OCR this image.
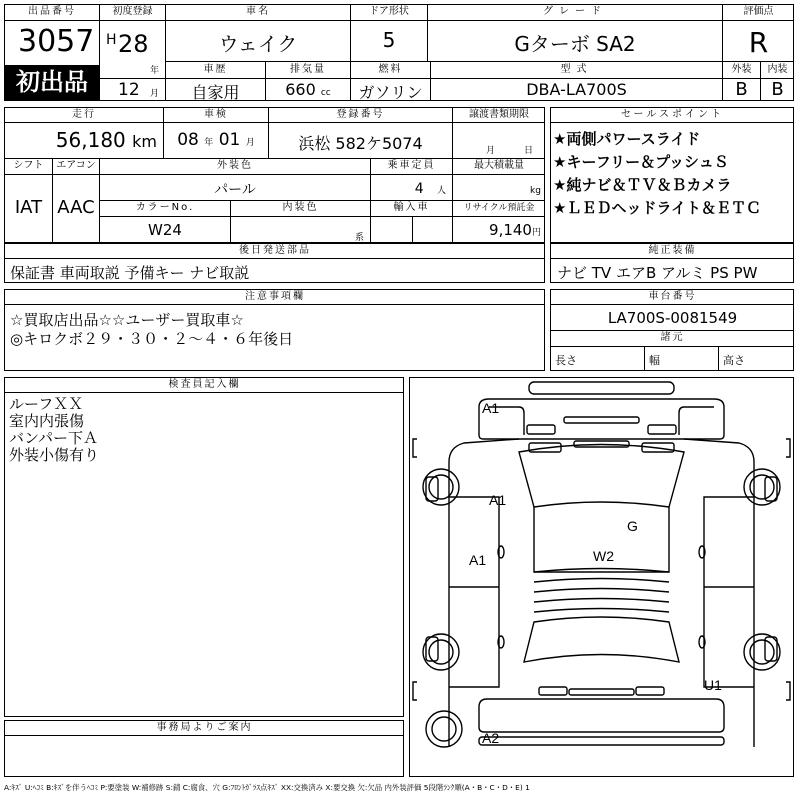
出品番号
3057
初出品
初度登録
H 28
年
12 月
車名
ウェイク
ドア形状
5
グレード
Gターボ SA2
評価点
R
外装	内装
B	B
車歴
自家用
排気量
660 cc
燃料
ガソリン
型式
DBA-LA700S
走行
56,180 km
車検
08 年 01 月
登録番号
浜松 582ケ5074
譲渡書類期限
月	日
シフト
IAT
エアコン
AAC
外装色
パール
乗車定員
4 人
最大積載量
kg
カラーNo.
W24
内装色
系
輸入車	リサイクル預託金
9,140円
セールスポイント
★両側パワースライド
★キーフリー＆プッシュＳ
★純ナビ＆ＴＶ＆Ｂカメラ
★ＬＥＤヘッドライト＆ＥＴＣ
後日発送部品
保証書 車両取説 予備キー ナビ取説
純正装備
ナビ TV エアB アルミ PS PW
注意事項欄
☆買取店出品☆☆ユーザー買取車☆
◎キロクボ２９・３０・２～４・６年後日
車台番号
LA700S-0081549
諸元
長さ	幅	高さ
検査員記入欄
ルーフＸＸ
室内内張傷
バンパー下Ａ
外装小傷有り
事務局よりご案内
A1
A1
A1
G
W2
U1
A2
A:ｷｽﾞ U:ﾍｺﾐ B:ｷｽﾞを伴うﾍｺﾐ P:要塗装 W:補修跡 S:錆 C:腐食、穴 G:ﾌﾛﾝﾄｶﾞﾗｽ点ｷｽﾞ XX:交換済み X:要交換 欠:欠品 内外装評価 5段階ﾗﾝｸ順(A・B・C・D・E) 1
